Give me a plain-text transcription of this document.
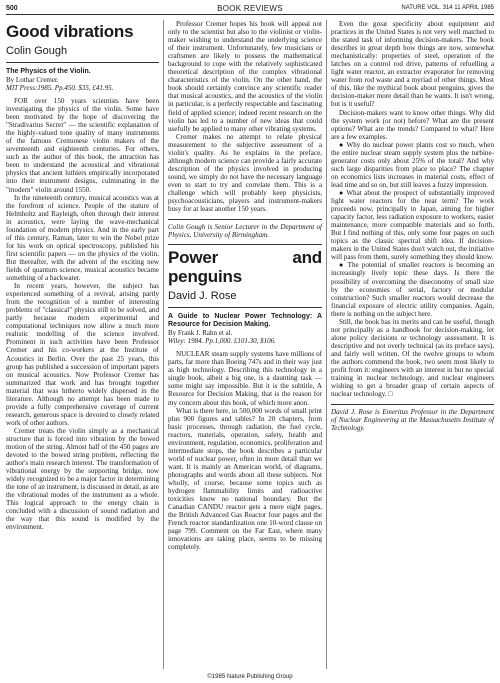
500	BOOK REVIEWS	NATURE VOL. 314 11 APRIL 1985
Good vibrations
Colin Gough
The Physics of the Violin.
By Lothar Cremer.
MIT Press:1985. Pp.450. $35, £41.95.

FOR over 150 years scientists have been investigating the physics of the violin. Some have been motivated by the hope of discovering the "Stradivarius Secret" — the scientific explanation of the highly-valued tone quality of many instruments of the famous Cremonese violin makers of the seventeenth and eighteenth centuries. For others, such as the author of this book, the attraction has been to understand the acoustical and vibrational physics that ancient luthiers empirically incorporated into their instrument designs, culminating in the "modern" violin around 1550.

In the nineteenth century, musical acoustics was at the forefront of science. People of the stature of Helmholtz and Rayleigh, often through their interest in acoustics, were laying the wave-mechanical foundation of modern physics. And in the early part of this century, Raman, later to win the Nobel prize for his work on optical spectroscopy, published his first scientific papers — on the physics of the violin. But thereafter, with the advent of the exciting new fields of quantum science, musical acoustics became something of a backwater.

In recent years, however, the subject has experienced something of a revival, arising partly from the recognition of a number of interesting problems of "classical" physics still to be solved, and partly because modern experimental and computational techniques now allow a much more realistic modelling of the science involved. Prominent in such activities have been Professor Cremer and his co-workers at the Institute of Acoustics in Berlin. Over the past 25 years, this group has published a succession of important papers on musical acoustics. Now Professor Cremer has summarized that work and has brought together material that was hitherto widely dispersed in the literature. Although no attempt has been made to provide a fully comprehensive coverage of current research, generous space is devoted to closely related work of other authors.

Cremer treats the violin simply as a mechanical structure that is forced into vibration by the bowed motion of the string. Almost half of the 450 pages are devoted to the bowed string problem, reflecting the author's main research interest. The transformation of vibrational energy by the supporting bridge, now widely recognized to be a major factor in determining the tone of an instrument, is discussed in detail, as are the vibrational modes of the instrument as a whole. This logical approach to the energy chain is concluded with a discussion of sound radiation and the way that this sound is modified by the environment.

Professor Cremer hopes his book will appeal not only to the scientist but also to the violinist or violin-maker wishing to understand the underlying science of their instrument. Unfortunately, few musicians or craftsmen are likely to possess the mathematical background to cope with the relatively sophisticated theoretical description of the complex vibrational characteristics of the violin. On the other hand, the book should certainly convince any scientific reader that musical acoustics, and the acoustics of the violin in particular, is a perfectly respectable and fascinating field of applied science; indeed recent research on the violin has led to a number of new ideas that could usefully be applied to many other vibrating systems.

Cremer makes no attempt to relate physical measurement to the subjective assessment of a violin's quality. As he explains in the preface, although modern science can provide a fairly accurate description of the physics involved in producing sound, we simply do not have the necessary language even to start to try and correlate them. This is a challenge which will probably keep physicists, psychoacousticians, players and instrument-makers busy for at least another 150 years.

Colin Gough is Senior Lecturer in the Department of Physics, University of Birmingham.

Power and penguins
David J. Rose
A Guide to Nuclear Power Technology: A Resource for Decision Making.
By Frank J. Rahn et al.
Wiley: 1984. Pp.1,000. £101.30, $106.

NUCLEAR steam supply systems have millions of parts, far more than Boeing 747s and in their way just as high technology. Describing this technology in a single book, albeit a big one, is a daunting task — some might say impossible. But it is the subtitle, A Resource for Decision Making, that is the reason for my concern about this book, of which more anon.

What is there here, in 500,000 words of small print plus 900 figures and tables? In 20 chapters, from basic processes, through radiation, the fuel cycle, reactors, materials, operation, safety, health and environment, regulation, economics, proliferation and intermediate stops, the book describes a particular world of nuclear power, often in more detail than we want. It is mainly an American world, of diagrams, photographs and words about all these subjects. Not wholly, of course, because some topics such as hydrogen flammability limits and radioactive toxicities know no national boundary. But the Canadian CANDU reactor gets a mere eight pages, the British Advanced Gas Reactor four pages and the French reactor standardization one 10-word clause on page 799. Comment on the Far East, where many innovations are taking place, seems to be missing completely.

Even the great specificity about equipment and practices in the United States is not very well matched to the stated task of informing decision-makers. The book describes in great depth how things are now, somewhat mechanistically: properties of steel, operation of the latches on a control rod drive, patterns of refuelling a light water reactor, an extractor evaporator for removing water from rod waste and a myriad of other things. Most of this, like the mythical book about penguins, gives the decision-maker more detail than he wants. It isn't wrong, but is it useful?

Decision-makers want to know other things. Why did the system work (or not) before? What are the present options? What are the trends? Compared to what? Here are a few examples.

● Why do nuclear power plants cost so much, when the entire nuclear steam supply system plus the turbine-generator costs only about 25% of the total? And why such large disparities from place to place? The chapter on economics lists increases in material costs, effect of lead time and so on, but still leaves a fuzzy impression.

● What about the prospect of substantially improved light water reactors for the near term? The work proceeds now, principally in Japan, aiming for higher capacity factor, less radiation exposure to workers, easier maintenance, more compatible materials and so forth. But I find nothing of this, only some four pages on such topics as the classic spectral shift idea. If decision-makers in the United States don't watch out, the initiative will pass from them, surely something they should know.

● The potential of smaller reactors is becoming an increasingly lively topic these days. Is there the possibility of overcoming the diseconomy of small size by the economies of serial, factory or modular construction? Such smaller reactors would decrease the financial exposure of electric utility companies. Again, there is nothing on the subject here.

Still, the book has its merits and can be useful, though not principally as a handbook for decision-making, let alone policy decisions or technology assessment. It is descriptive and not overly technical (as its preface says), and fairly well written. Of the twelve groups to whom the authors commend the book, two seem most likely to profit from it: engineers with an interest in but no special training in nuclear technology, and nuclear engineers wishing to get a broader grasp of certain aspects of nuclear technology. □

David J. Rose is Emeritus Professor in the Department of Nuclear Engineering at the Massachusetts Institute of Technology.

©1985 Nature Publishing Group
